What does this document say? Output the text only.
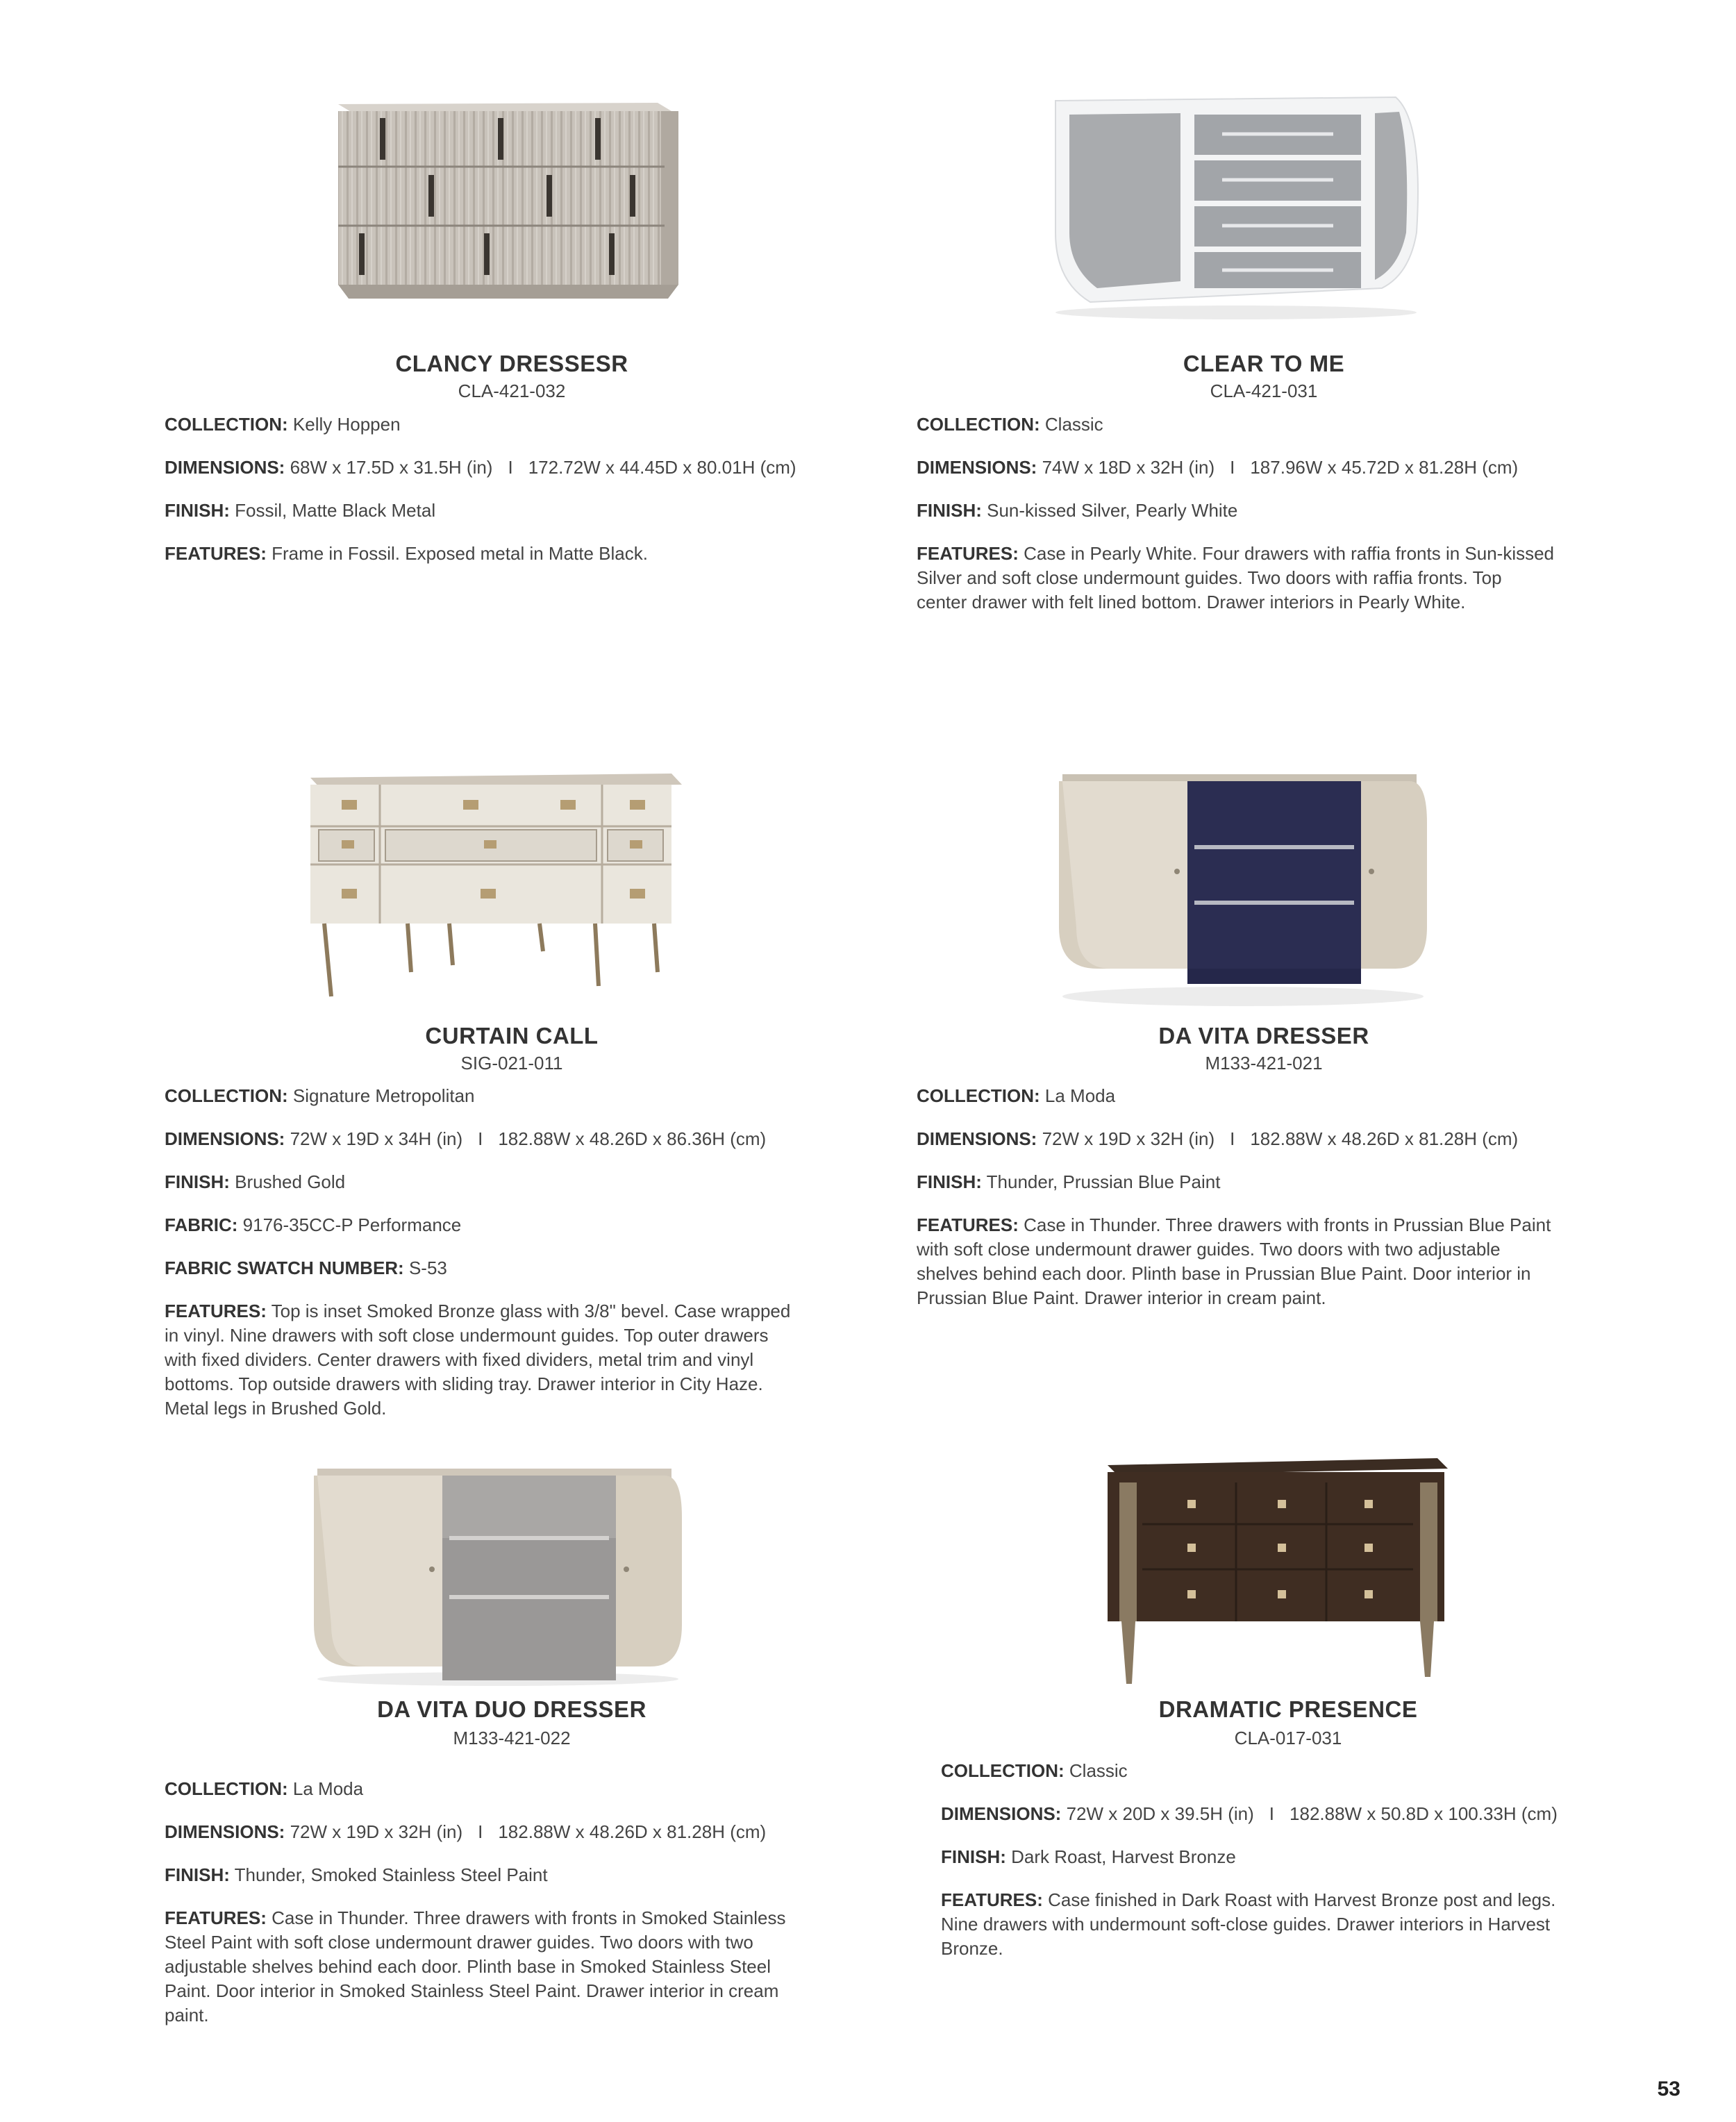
CLANCY DRESSESR
CLA-421-032
COLLECTION: Kelly Hoppen
DIMENSIONS: 68W x 17.5D x 31.5H (in) I 172.72W x 44.45D x 80.01H (cm)
FINISH: Fossil, Matte Black Metal
FEATURES: Frame in Fossil. Exposed metal in Matte Black.
CLEAR TO ME
CLA-421-031
COLLECTION: Classic
DIMENSIONS: 74W x 18D x 32H (in) I 187.96W x 45.72D x 81.28H (cm)
FINISH: Sun-kissed Silver, Pearly White
FEATURES: Case in Pearly White. Four drawers with raffia fronts in Sun-kissed
Silver and soft close undermount guides. Two doors with raffia fronts. Top
center drawer with felt lined bottom. Drawer interiors in Pearly White.
CURTAIN CALL
SIG-021-011
COLLECTION: Signature Metropolitan
DIMENSIONS: 72W x 19D x 34H (in) I 182.88W x 48.26D x 86.36H (cm)
FINISH: Brushed Gold
FABRIC: 9176-35CC-P Performance
FABRIC SWATCH NUMBER: S-53
FEATURES: Top is inset Smoked Bronze glass with 3/8" bevel. Case wrapped
in vinyl. Nine drawers with soft close undermount guides. Top outer drawers
with fixed dividers. Center drawers with fixed dividers, metal trim and vinyl
bottoms. Top outside drawers with sliding tray. Drawer interior in City Haze.
Metal legs in Brushed Gold.
DA VITA DRESSER
M133-421-021
COLLECTION: La Moda
DIMENSIONS: 72W x 19D x 32H (in) I 182.88W x 48.26D x 81.28H (cm)
FINISH: Thunder, Prussian Blue Paint
FEATURES: Case in Thunder. Three drawers with fronts in Prussian Blue Paint
with soft close undermount drawer guides. Two doors with two adjustable
shelves behind each door. Plinth base in Prussian Blue Paint. Door interior in
Prussian Blue Paint. Drawer interior in cream paint.
DA VITA DUO DRESSER
M133-421-022
COLLECTION: La Moda
DIMENSIONS: 72W x 19D x 32H (in) I 182.88W x 48.26D x 81.28H (cm)
FINISH: Thunder, Smoked Stainless Steel Paint
FEATURES: Case in Thunder. Three drawers with fronts in Smoked Stainless
Steel Paint with soft close undermount drawer guides. Two doors with two
adjustable shelves behind each door. Plinth base in Smoked Stainless Steel
Paint. Door interior in Smoked Stainless Steel Paint. Drawer interior in cream
paint.
DRAMATIC PRESENCE
CLA-017-031
COLLECTION: Classic
DIMENSIONS: 72W x 20D x 39.5H (in) I 182.88W x 50.8D x 100.33H (cm)
FINISH: Dark Roast, Harvest Bronze
FEATURES: Case finished in Dark Roast with Harvest Bronze post and legs.
Nine drawers with undermount soft-close guides. Drawer interiors in Harvest
Bronze.
53
